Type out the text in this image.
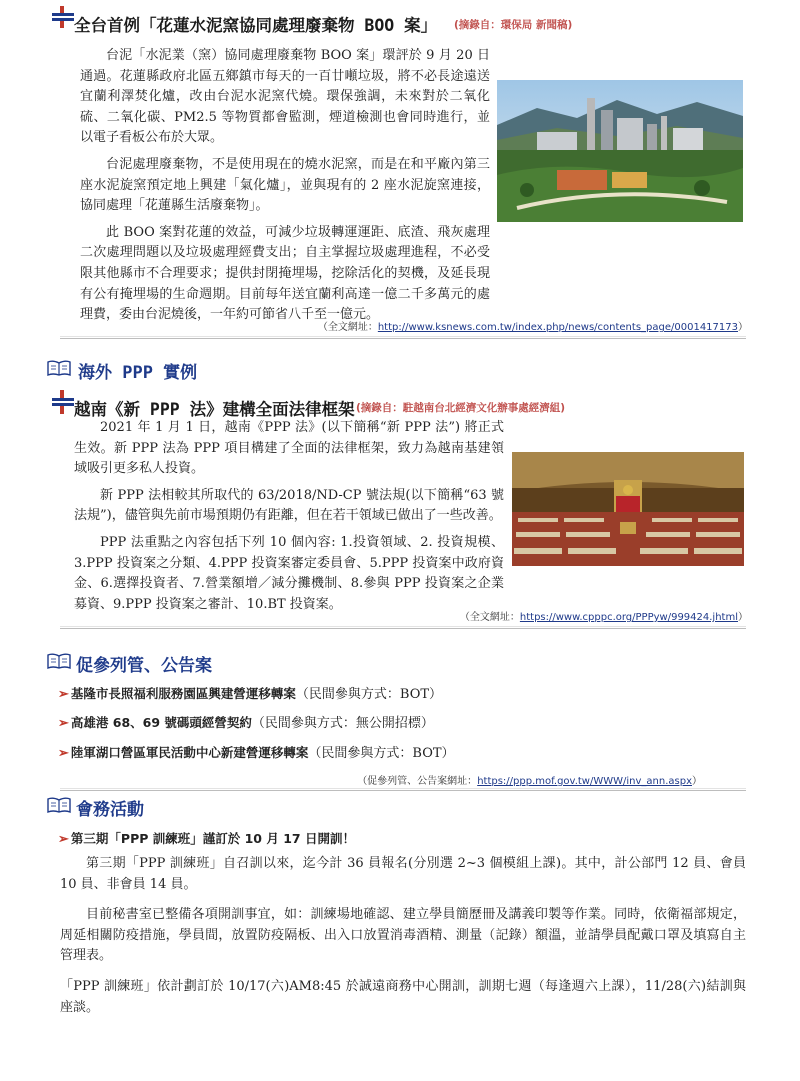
全台首例「花蓮水泥窯協同處理廢棄物 BOO 案」 (摘錄自：環保局 新聞稿)

台泥「水泥業（窯）協同處理廢棄物 BOO 案」環評於 9 月 20 日通過。花蓮縣政府北區五鄉鎮市每天的一百廿噸垃圾，將不必長途遠送宜蘭利澤焚化爐，改由台泥水泥窯代燒。環保強調，未來對於二氧化硫、二氧化碳、PM2.5 等物質都會監測，煙道檢測也會同時進行，並以電子看板公布於大眾。

台泥處理廢棄物，不是使用現在的燒水泥窯，而是在和平廠內第三座水泥旋窯預定地上興建「氣化爐」，並與現有的 2 座水泥旋窯連接，協同處理「花蓮縣生活廢棄物」。

此 BOO 案對花蓮的效益，可減少垃圾轉運運距、底渣、飛灰處理二次處理問題以及垃圾處理經費支出；自主掌握垃圾處理進程，不必受限其他縣市不合理要求；提供封閉掩埋場，挖除活化的契機，及延長現有公有掩埋場的生命週期。目前每年送宜蘭利高達一億二千多萬元的處理費，委由台泥燒後，一年約可節省八千至一億元。

（全文網址：http://www.ksnews.com.tw/index.php/news/contents_page/0001417173）
海外 PPP 實例
越南《新 PPP 法》建構全面法律框架 (摘錄自：駐越南台北經濟文化辦事處經濟組)

2021 年 1 月 1 日，越南《PPP 法》(以下簡稱“新 PPP 法”) 將正式生效。新 PPP 法為 PPP 項目構建了全面的法律框架，致力為越南基建領域吸引更多私人投資。

新 PPP 法相較其所取代的 63/2018/ND-CP 號法規(以下簡稱“63 號法規”)，儘管與先前市場預期仍有距離，但在若干領域已做出了一些改善。

PPP 法重點之內容包括下列 10 個內容: 1.投資領域、2. 投資規模、3.PPP 投資案之分類、4.PPP 投資案審定委員會、5.PPP 投資案中政府資金、6.選擇投資者、7.營業額增／減分攤機制、8.參與 PPP 投資案之企業募資、9.PPP 投資案之審計、10.BT 投資案。

（全文網址：https://www.cpppc.org/PPPyw/999424.jhtml）
促參列管、公告案
➢ 基隆市長照福利服務園區興建營運移轉案（民間參與方式：BOT）
➢ 高雄港 68、69 號碼頭經營契約（民間參與方式：無公開招標）
➢ 陸軍湖口營區軍民活動中心新建營運移轉案（民間參與方式：BOT）
（促參列管、公告案網址：https://ppp.mof.gov.tw/WWW/inv_ann.aspx）
會務活動
➢ 第三期「PPP 訓練班」謹訂於 10 月 17 日開訓！

第三期「PPP 訓練班」自召訓以來，迄今計 36 員報名(分別選 2~3 個模組上課)。其中，計公部門 12 員、會員 10 員、非會員 14 員。

目前秘書室已整備各項開訓事宜，如：訓練場地確認、建立學員簡歷冊及講義印製等作業。同時，依衛福部規定，周延相關防疫措施，學員間，放置防疫隔板、出入口放置消毒酒精、測量（記錄）額溫，並請學員配戴口罩及填寫自主管理表。

「PPP 訓練班」依計劃訂於 10/17(六)AM8:45 於誠遠商務中心開訓，訓期七週（每逢週六上課），11/28(六)結訓與座談。
